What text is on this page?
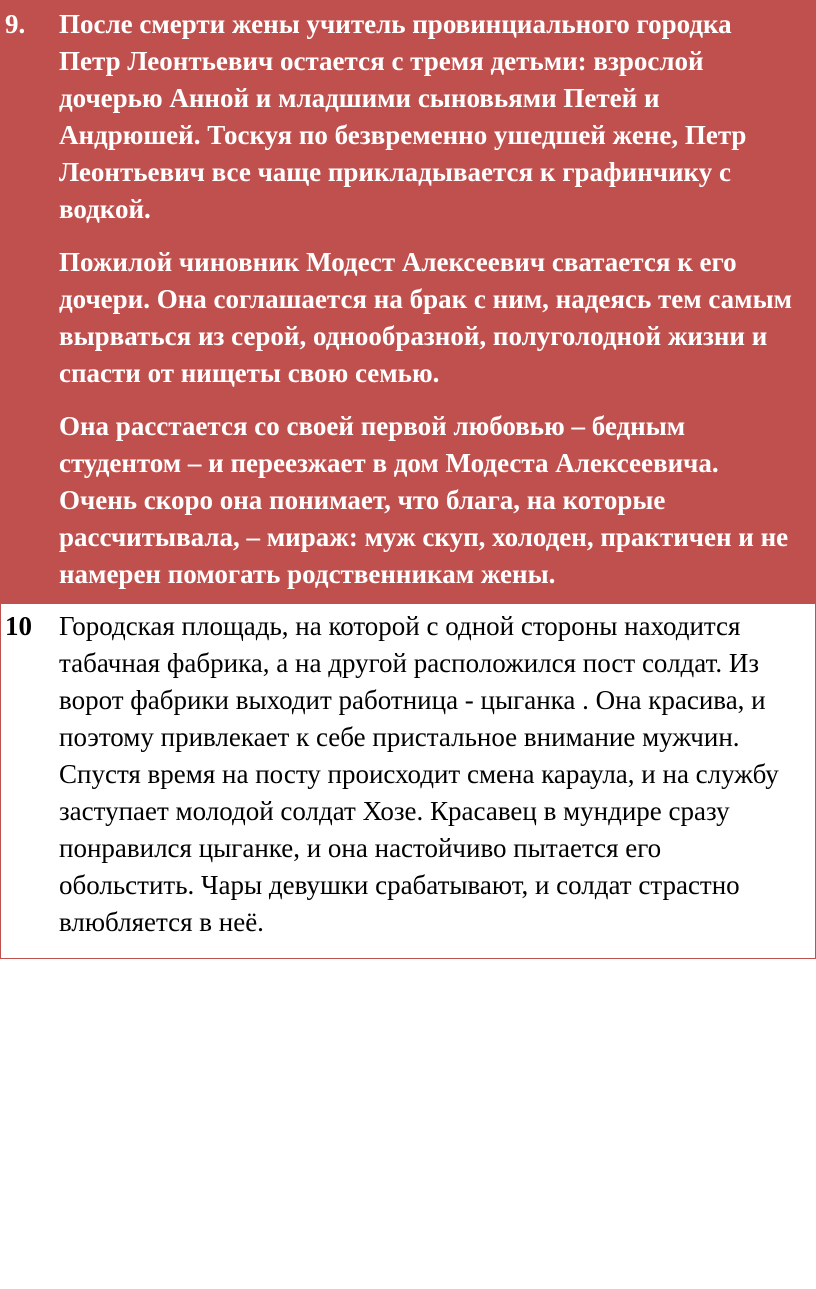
9.	После смерти жены учитель провинциального городка Петр Леонтьевич остается с тремя детьми: взрослой дочерью Анной и младшими сыновьями Петей и Андрюшей. Тоскуя по безвременно ушедшей жене, Петр Леонтьевич все чаще прикладывается к графинчику с водкой.

Пожилой чиновник Модест Алексеевич сватается к его дочери. Она соглашается на брак с ним, надеясь тем самым вырваться из серой, однообразной, полуголодной жизни и спасти от нищеты свою семью.

Она расстается со своей первой любовью – бедным студентом – и переезжает в дом Модеста Алексеевича. Очень скоро она понимает, что блага, на которые рассчитывала, – мираж: муж скуп, холоден, практичен и не намерен помогать родственникам жены.

10	Городская площадь, на которой с одной стороны находится табачная фабрика, а на другой расположился пост солдат. Из ворот фабрики выходит работница - цыганка . Она красива, и поэтому привлекает к себе пристальное внимание мужчин. Спустя время на посту происходит смена караула, и на службу заступает молодой солдат Хозе. Красавец в мундире сразу понравился цыганке, и она настойчиво пытается его обольстить. Чары девушки срабатывают, и солдат страстно влюбляется в неё.
